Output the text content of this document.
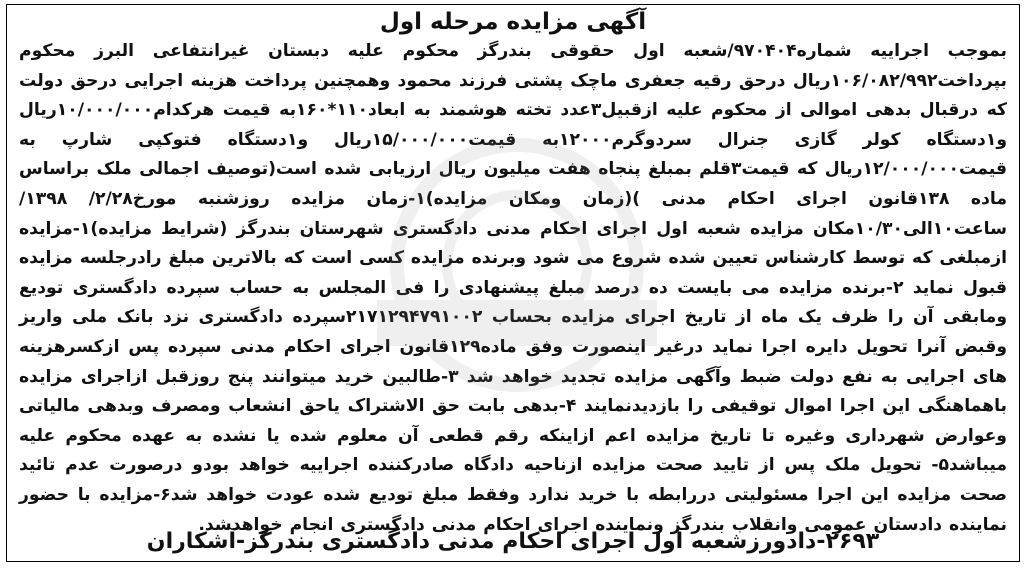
آگهی مزایده مرحله اول
بموجب اجراییه شماره۹۷۰۴۰۴/شعبه اول حقوقی بندرگز محکوم علیه دبستان غیرانتفاعی البرز محکوم بپرداخت۱۰۶/۰۸۲/۹۹۲ریال درحق رقیه جعفری ماچک پشتی فرزند محمود وهمچنین پرداخت هزینه اجرایی درحق دولت که درقبال بدهی اموالی از محکوم علیه ازقبیل۳عدد تخته هوشمند به ابعاد۱۱۰*۱۶۰به قیمت هرکدام۱۰/۰۰۰/۰۰۰ریال و۱دستگاه کولر گازی جنرال سردوگرم۱۲۰۰۰به قیمت۱۵/۰۰۰/۰۰۰ریال و۱دستگاه فتوکپی شارپ به قیمت۱۲/۰۰۰/۰۰۰ریال که قیمت۳قلم بمبلغ پنجاه هفت میلیون ریال ارزیابی شده است(توصیف اجمالی ملک براساس ماده ۱۳۸قانون اجرای احکام مدنی )(زمان ومکان مزایده)۱-زمان مزایده روزشنبه مورخ۲/۲۸/ ۱۳۹۸/ساعت۱۰الی۱۰/۳۰مکان مزایده شعبه اول اجرای احکام مدنی دادگستری شهرستان بندرگز (شرایط مزایده)۱-مزایده ازمبلغی که توسط کارشناس تعیین شده شروع می شود وبرنده مزایده کسی است که بالاترین مبلغ رادرجلسه مزایده قبول نماید ۲-برنده مزایده می بایست ده درصد مبلغ پیشنهادی را فی المجلس به حساب سپرده دادگستری تودیع ومابقی آن را ظرف یک ماه از تاریخ اجرای مزایده بحساب ۲۱۷۱۲۹۴۷۹۱۰۰۲سپرده دادگستری نزد بانک ملی واریز وقبض آنرا تحویل دایره اجرا نماید درغیر اینصورت وفق ماده۱۲۹قانون اجرای احکام مدنی سپرده پس ازکسرهزینه های اجرایی به نفع دولت ضبط وآگهی مزایده تجدید خواهد شد ۳-طالبین خرید میتوانند پنج روزقبل ازاجرای مزایده باهماهنگی این اجرا اموال توقیفی را بازدیدنمایند ۴-بدهی بابت حق الاشتراک یاحق انشعاب ومصرف وبدهی مالیاتی وعوارض شهرداری وغیره تا تاریخ مزایده اعم ازاینکه رقم قطعی آن معلوم شده یا نشده به عهده محکوم علیه میباشد۵- تحویل ملک پس از تایید صحت مزایده ازناحیه دادگاه صادرکننده اجراییه خواهد بودو درصورت عدم تائید صحت مزایده این اجرا مسئولیتی دررابطه با خرید ندارد وفقط مبلغ تودیع شده عودت خواهد شد۶-مزایده با حضور نماینده دادستان عمومی وانقلاب بندرگز ونماینده اجرای احکام مدنی دادگستری انجام خواهدشد.
۲۶۹۳-دادورزشعبه اول اجرای احکام مدنی دادگستری بندرگز-آشکاران
